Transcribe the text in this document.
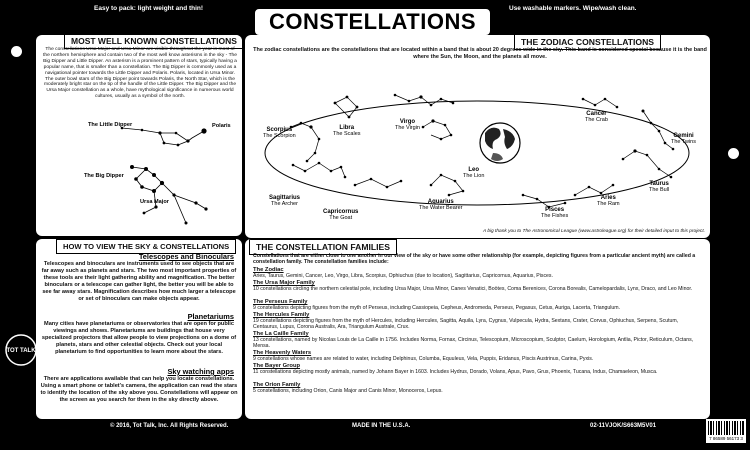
Easy to pack: light weight and thin!
CONSTELLATIONS
Use washable markers. Wipe/wash clean.
MOST WELL KNOWN CONSTELLATIONS
The constellations Ursa Major and Ursa Minor are visible throughout the year in most of the northern hemisphere and contain two of the most well know asterisms in the sky - The Big Dipper and Little Dipper. An asterism is a prominent pattern of stars, typically having a popular name, that is smaller than a constellation. The Big Dipper is commonly used as a navigational pointer towards the Little Dipper and Polaris. Polaris, located in Ursa Minor. The outer bowl stars of the Big Dipper point towards Polaris, the North Star, which is the moderately bright star on the tip of the handle of the Little Dipper. The Big Dipper and the Ursa Major constellation as a whole, have mythological significance in numerous world cultures, usually as a symbol of the north.
The Little Dipper	Polaris
The Big Dipper
Ursa Major
THE ZODIAC CONSTELLATIONS
The zodiac constellations are the constellations that are located within a band that is about 20 degrees wide in the sky. This band is considered special because it is the band where the Sun, the Moon, and the planets all move.
Libra
The Scales
Virgo
The Virgin
Scorpius
The Scorpion
Leo
The Lion
Cancer
The Crab
Gemini
The Twins
Sagittarius
The Archer
Capricornus
The Goat
Aquarius
The Water Bearer
Taurus
The Bull
Aries
The Ram
Pisces
The Fishes
A big thank you to The Astronomical League (www.astroleague.org) for their detailed input to this project.
HOW TO VIEW THE SKY & CONSTELLATIONS
Telescopes and Binoculars
Telescopes and binoculars are instruments used to see objects that are far away such as planets and stars. The two most important properties of these tools are their light gathering ability and magnification. The better binoculars or a telescope can gather light, the better you will be able to see far away stars. Magnification describes how much larger a telescope or set of binoculars can make objects appear.
Planetariums
Many cities have planetariums or observatories that are open for public viewings and shows. Planetariums are buildings that house very specialized projectors that allow people to view projections on a dome of planets, stars and other celestial objects. Check out your local planetarium to find opportunities to learn more about the stars.
Sky watching apps
There are applications available that can help you locate constellations. Using a smart phone or tablet's camera, the application can read the stars to identify the location of the sky above you. Constellations will appear on the screen as you search for them in the sky directly above.
THE CONSTELLATION FAMILIES
Constellations that are either close to one another in our view of the sky or have some other relationship (for example, depicting figures from a particular ancient myth) are called a constellation family. The constellation families include:
The Zodiac
Aries, Taurus, Gemini, Cancer, Leo, Virgo, Libra, Scorpius, Ophiuchus (due to location), Sagittarius, Capricornus, Aquarius, Pisces.
The Ursa Major Family
10 constellations circling the northern celestial pole, including Ursa Major, Ursa Minor, Canes Venatici, Boötes, Coma Berenices, Corona Borealis, Camelopardalis, Lynx, Draco, and Leo Minor.
The Perseus Family
9 constellations depicting figures from the myth of Perseus, including Cassiopeia, Cepheus, Andromeda, Perseus, Pegasus, Cetus, Auriga, Lacerta, Triangulum.
The Hercules Family
19 constellations depicting figures from the myth of Hercules, including Hercules, Sagitta, Aquila, Lyra, Cygnus, Vulpecula, Hydra, Sextans, Crater, Corvus, Ophiuchus, Serpens, Scutum, Centaurus, Lupus, Corona Australis, Ara, Triangulum Australe, Crux.
The La Caille Family
13 constellations, named by Nicolas Louis de La Caille in 1756. Includes Norma, Fornax, Circinus, Telescopium, Microscopium, Sculptor, Caelum, Horologium, Antlia, Pictor, Reticulum, Octans, Mensa.
The Heavenly Waters
9 constellations whose names are related to water, including Delphinus, Columba, Equuleus, Vela, Puppis, Eridanus, Piscis Austrinus, Carina, Pyxis.
The Bayer Group
11 constellations depicting mostly animals, named by Johann Bayer in 1603. Includes Hydrus, Dorado, Volans, Apus, Pavo, Grus, Phoenix, Tucana, Indus, Chamaeleon, Musca.
The Orion Family
5 constellations, including Orion, Canis Major and Canis Minor, Monoceros, Lepus.
TOT TALK
© 2016, Tot Talk, Inc. All Rights Reserved.	MADE IN THE U.S.A.	02-11VJOK/S663M5V01
7 86589 56173 3
